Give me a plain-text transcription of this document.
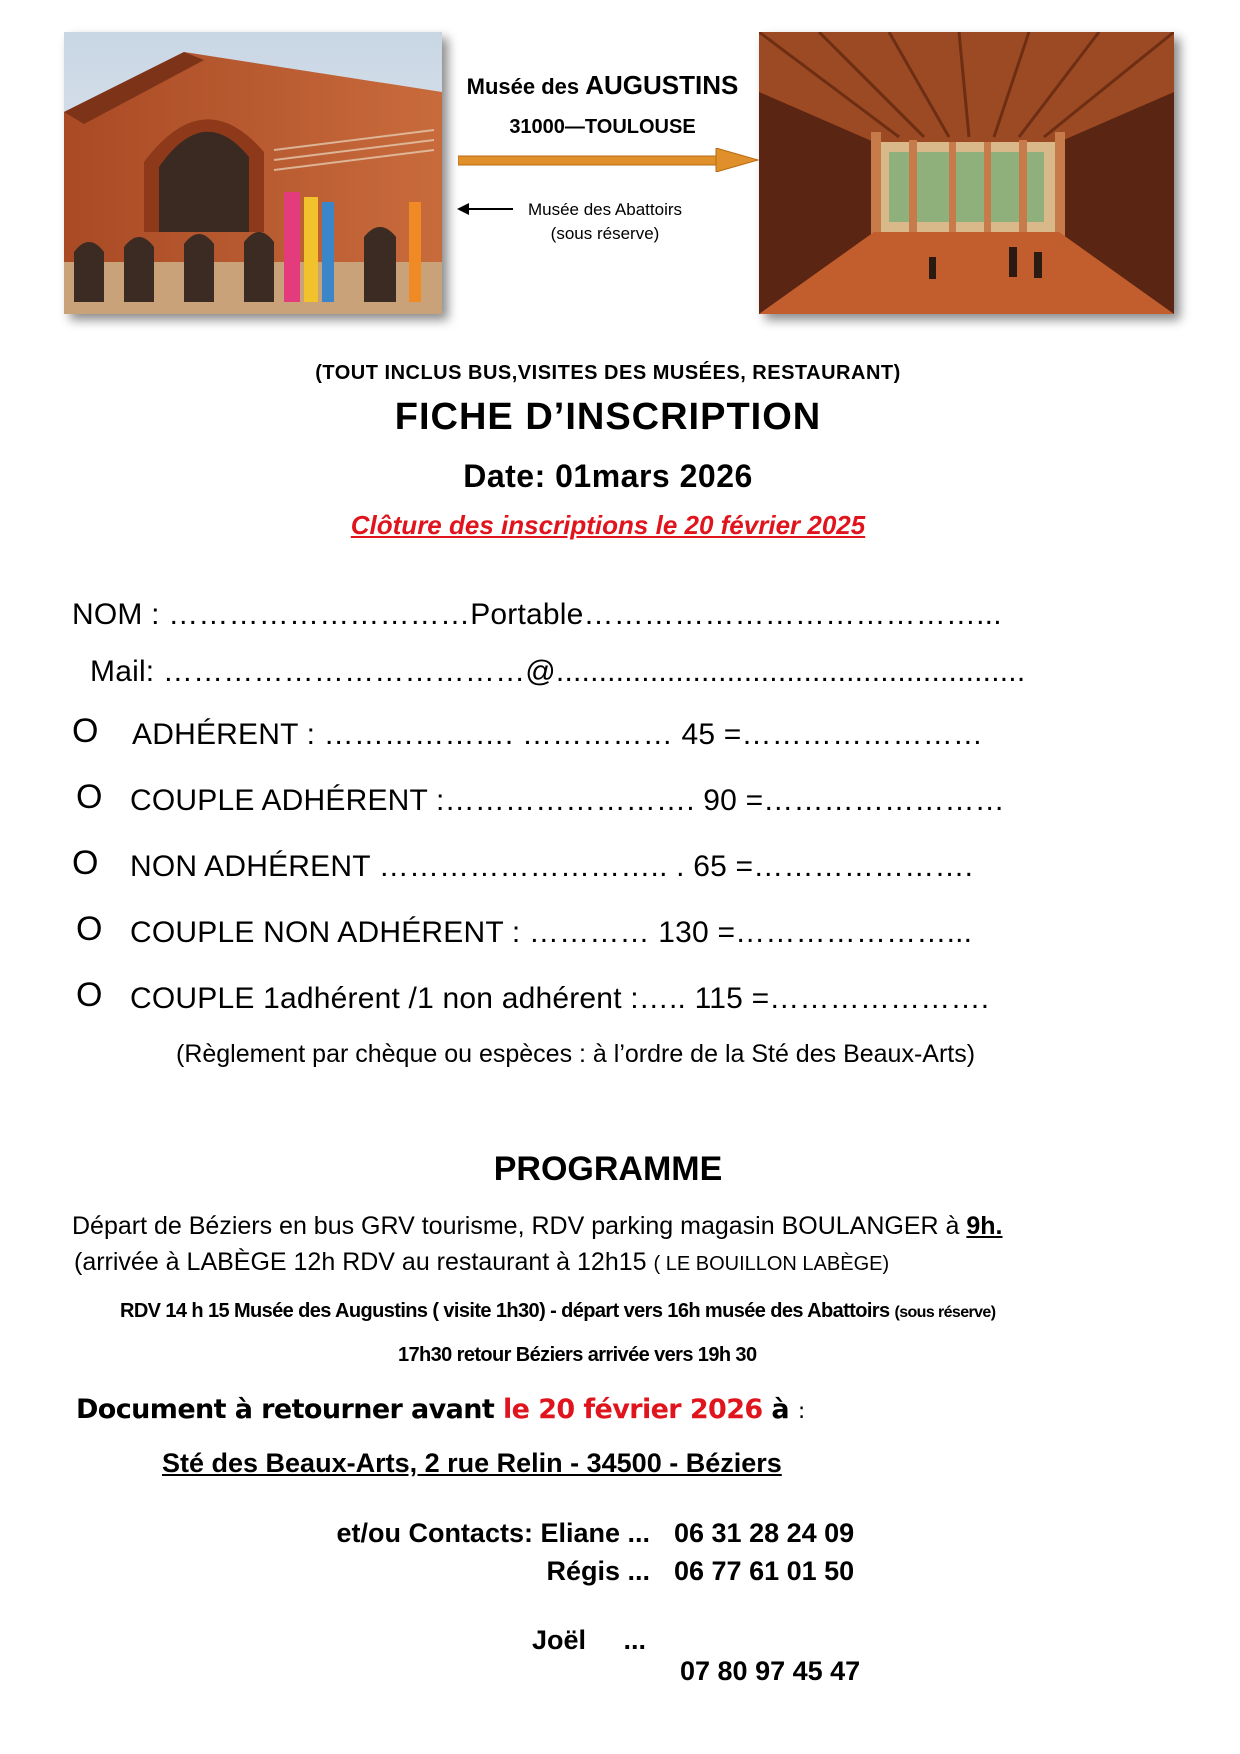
Musée des AUGUSTINS
31000—TOULOUSE
Musée des Abattoirs
(sous réserve)
(TOUT INCLUS BUS,VISITES DES MUSÉES, RESTAURANT)
FICHE D’INSCRIPTION
Date: 01mars 2026
Clôture des inscriptions le 20 février 2025
NOM : …………………………Portable…………………………………...
Mail: ………………………………@.......................................................
O ADHÉRENT : ………………. …………… 45 =……………………
O COUPLE ADHÉRENT :……………………. 90 =……………………
O NON ADHÉRENT ……………………….. . 65 =………………….
O COUPLE NON ADHÉRENT : ………… 130 =…………………...
O COUPLE 1adhérent /1 non adhérent :….. 115 =………………….
(Règlement par chèque ou espèces : à l’ordre de la Sté des Beaux-Arts)
PROGRAMME
Départ de Béziers en bus GRV tourisme, RDV parking magasin BOULANGER à 9h.
(arrivée à LABÈGE 12h RDV au restaurant à 12h15 ( LE BOUILLON LABÈGE)
RDV 14 h 15 Musée des Augustins ( visite 1h30) - départ vers 16h musée des Abattoirs (sous réserve)
17h30 retour Béziers arrivée vers 19h 30
Document à retourner avant le 20 février 2026 à :
Sté des Beaux-Arts, 2 rue Relin - 34500 - Béziers
et/ou Contacts: Eliane ... 06 31 28 24 09
Régis ... 06 77 61 01 50

Joël     ...

07 80 97 45 47
